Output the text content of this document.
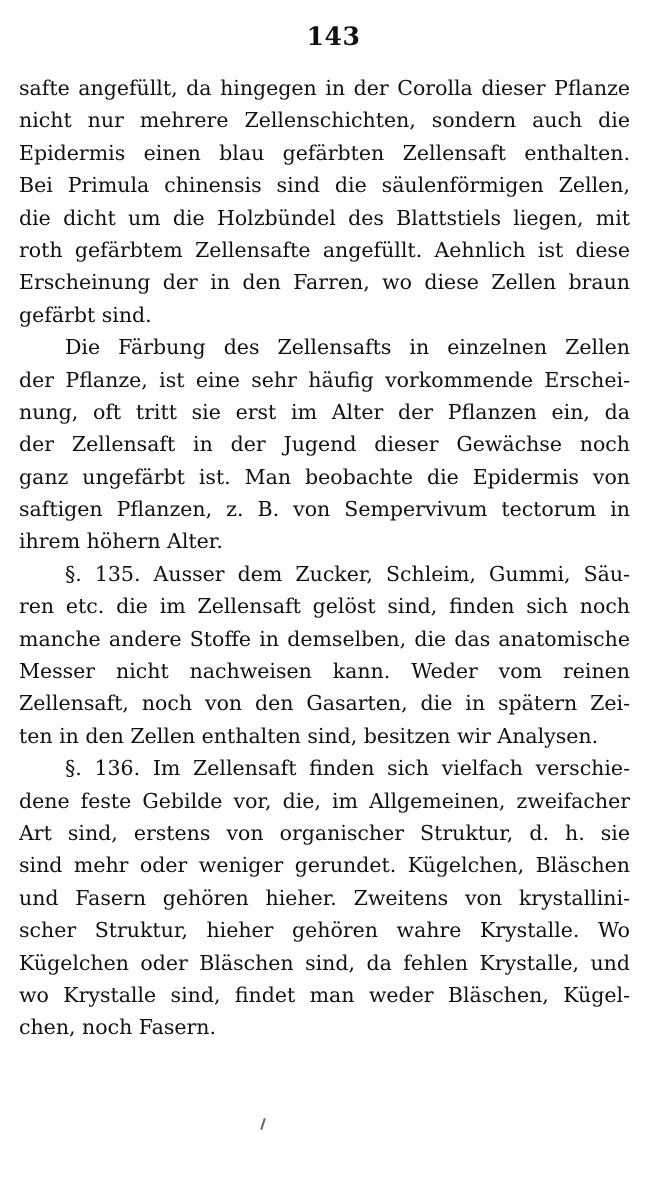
143
safte angefüllt, da hingegen in der Corolla dieser Pflanze
nicht nur mehrere Zellenschichten, sondern auch die
Epidermis einen blau gefärbten Zellensaft enthalten.
Bei Primula chinensis sind die säulenförmigen Zellen,
die dicht um die Holzbündel des Blattstiels liegen, mit
roth gefärbtem Zellensafte angefüllt. Aehnlich ist diese
Erscheinung der in den Farren, wo diese Zellen braun
gefärbt sind.
Die Färbung des Zellensafts in einzelnen Zellen
der Pflanze, ist eine sehr häufig vorkommende Erschei-
nung, oft tritt sie erst im Alter der Pflanzen ein, da
der Zellensaft in der Jugend dieser Gewächse noch
ganz ungefärbt ist. Man beobachte die Epidermis von
saftigen Pflanzen, z. B. von Sempervivum tectorum in
ihrem höhern Alter.
§. 135. Ausser dem Zucker, Schleim, Gummi, Säu-
ren etc. die im Zellensaft gelöst sind, finden sich noch
manche andere Stoffe in demselben, die das anatomische
Messer nicht nachweisen kann. Weder vom reinen
Zellensaft, noch von den Gasarten, die in spätern Zei-
ten in den Zellen enthalten sind, besitzen wir Analysen.
§. 136. Im Zellensaft finden sich vielfach verschie-
dene feste Gebilde vor, die, im Allgemeinen, zweifacher
Art sind, erstens von organischer Struktur, d. h. sie
sind mehr oder weniger gerundet. Kügelchen, Bläschen
und Fasern gehören hieher. Zweitens von krystallini-
scher Struktur, hieher gehören wahre Krystalle. Wo
Kügelchen oder Bläschen sind, da fehlen Krystalle, und
wo Krystalle sind, findet man weder Bläschen, Kügel-
chen, noch Fasern.
